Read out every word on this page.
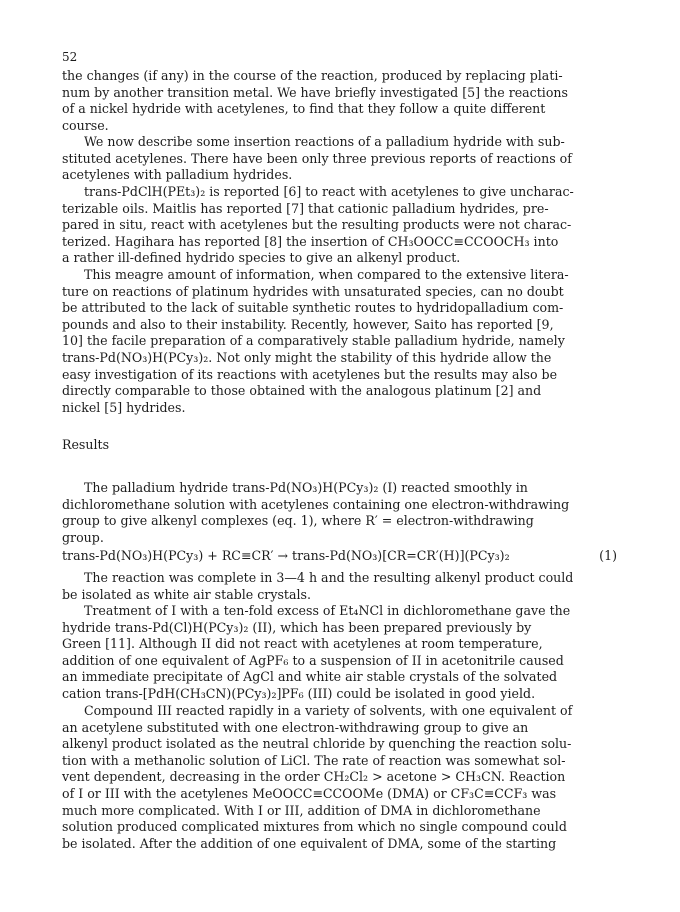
52

the changes (if any) in the course of the reaction, produced by replacing plati-
num by another transition metal. We have briefly investigated [5] the reactions
of a nickel hydride with acetylenes, to find that they follow a quite different
course.

We now describe some insertion reactions of a palladium hydride with sub-
stituted acetylenes. There have been only three previous reports of reactions of
acetylenes with palladium hydrides.

trans-PdClH(PEt₃)₂ is reported [6] to react with acetylenes to give uncharac-
terizable oils. Maitlis has reported [7] that cationic palladium hydrides, pre-
pared in situ, react with acetylenes but the resulting products were not charac-
terized. Hagihara has reported [8] the insertion of CH₃OOCC≡CCOOCH₃ into
a rather ill-defined hydrido species to give an alkenyl product.

This meagre amount of information, when compared to the extensive litera-
ture on reactions of platinum hydrides with unsaturated species, can no doubt
be attributed to the lack of suitable synthetic routes to hydridopalladium com-
pounds and also to their instability. Recently, however, Saito has reported [9,
10] the facile preparation of a comparatively stable palladium hydride, namely
trans-Pd(NO₃)H(PCy₃)₂. Not only might the stability of this hydride allow the
easy investigation of its reactions with acetylenes but the results may also be
directly comparable to those obtained with the analogous platinum [2] and
nickel [5] hydrides.

Results

The palladium hydride trans-Pd(NO₃)H(PCy₃)₂ (I) reacted smoothly in
dichloromethane solution with acetylenes containing one electron-withdrawing
group to give alkenyl complexes (eq. 1), where R′ = electron-withdrawing
group.

trans-Pd(NO₃)H(PCy₃) + RC≡CR′ → trans-Pd(NO₃)[CR=CR′(H)](PCy₃)₂	(1)

The reaction was complete in 3—4 h and the resulting alkenyl product could
be isolated as white air stable crystals.

Treatment of I with a ten-fold excess of Et₄NCl in dichloromethane gave the
hydride trans-Pd(Cl)H(PCy₃)₂ (II), which has been prepared previously by
Green [11]. Although II did not react with acetylenes at room temperature,
addition of one equivalent of AgPF₆ to a suspension of II in acetonitrile caused
an immediate precipitate of AgCl and white air stable crystals of the solvated
cation trans-[PdH(CH₃CN)(PCy₃)₂]PF₆ (III) could be isolated in good yield.

Compound III reacted rapidly in a variety of solvents, with one equivalent of
an acetylene substituted with one electron-withdrawing group to give an
alkenyl product isolated as the neutral chloride by quenching the reaction solu-
tion with a methanolic solution of LiCl. The rate of reaction was somewhat sol-
vent dependent, decreasing in the order CH₂Cl₂ > acetone > CH₃CN. Reaction
of I or III with the acetylenes MeOOCC≡CCOOMe (DMA) or CF₃C≡CCF₃ was
much more complicated. With I or III, addition of DMA in dichloromethane
solution produced complicated mixtures from which no single compound could
be isolated. After the addition of one equivalent of DMA, some of the starting
